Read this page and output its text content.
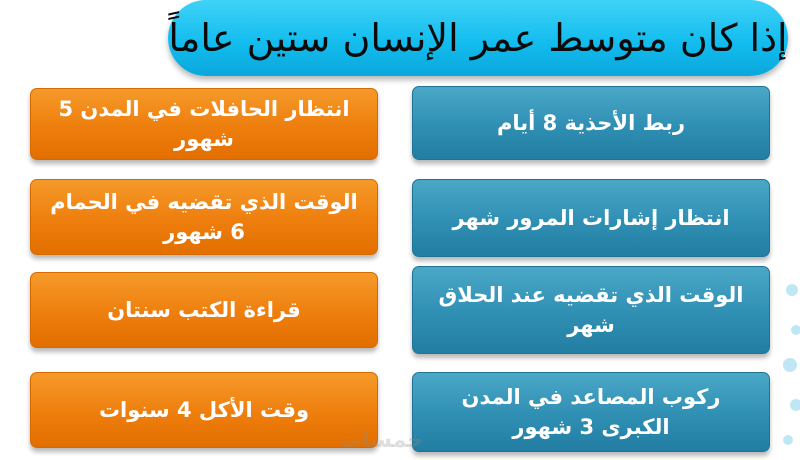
إذا كان متوسط عمر الإنسان ستين عاماً
انتظار الحافلات في المدن 5 شهور
الوقت الذي تقضيه في الحمام 6 شهور
قراءة الكتب سنتان
وقت الأكل 4 سنوات
ربط الأحذية 8 أيام
انتظار إشارات المرور شهر
الوقت الذي تقضيه عند الحلاق شهر
ركوب المصاعد في المدن الكبرى 3 شهور
خمسات
